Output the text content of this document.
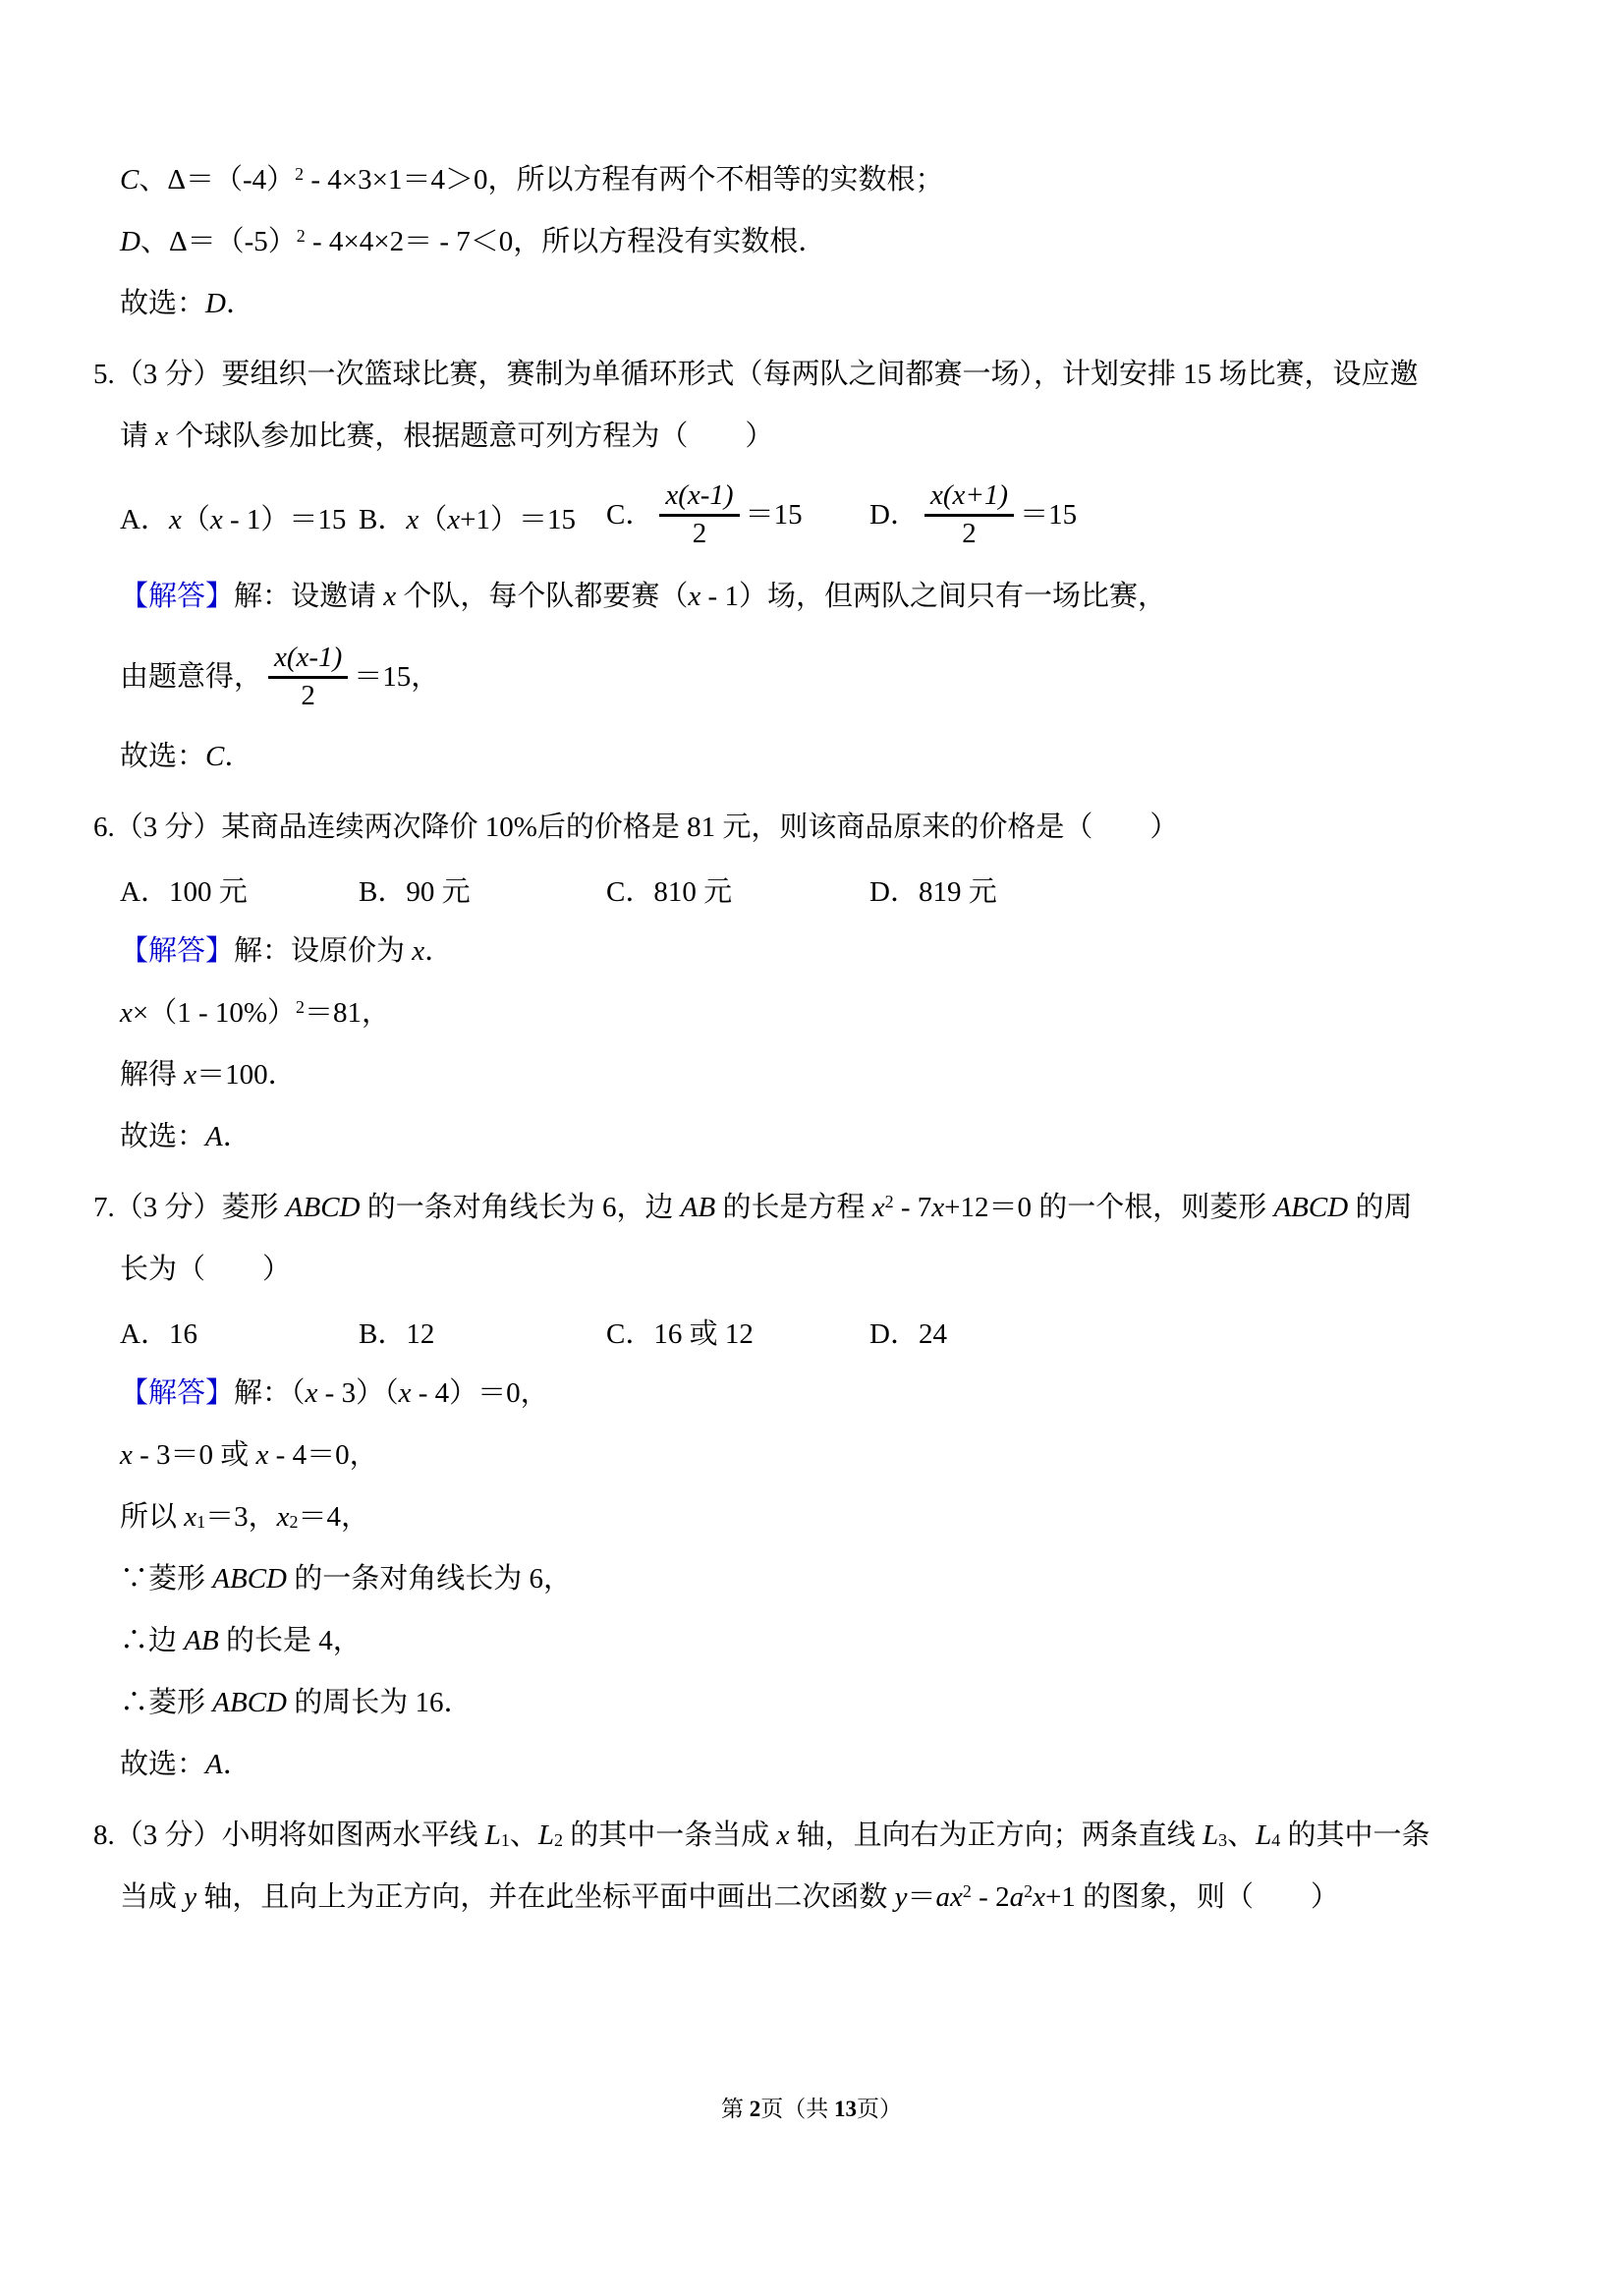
C、$\Delta=(-4)^2 - 4\times 3\times 1=4>0$，所以方程有两个不相等的实数根；
D、$\Delta=(-5)^2 - 4\times 4\times 2= - 7<0$，所以方程没有实数根．
故选：D．
5.（3 分）要组织一次篮球比赛，赛制为单循环形式（每两队之间都赛一场），计划安排 15 场比赛，设应邀
请 x 个球队参加比赛，根据题意可列方程为（　　）
A．x（x - 1）＝15 B．x（x+1）＝15	C． $\frac{x(x-1)}{2} =15$	D． $\frac{x(x+1)}{2} =15$
【解答】解：设邀请 x 个队，每个队都要赛（x - 1）场，但两队之间只有一场比赛，
由题意得， $\frac{x(x-1)}{2} =15$，
故选：C．
6.（3 分）某商品连续两次降价 10%后的价格是 81 元，则该商品原来的价格是（　　）
A．100 元	B．90 元	C．810 元	D．819 元
【解答】解：设原价为 x．
x×（1 - 10%）$^2$＝81，
解得 x＝100．
故选：A．
7.（3 分）菱形 ABCD 的一条对角线长为 6，边 AB 的长是方程 $x^2 - 7x+12=0$ 的一个根，则菱形 ABCD 的周
长为（　　）
A．16	B．12	C．16 或 12	D．24
【解答】解：（x - 3）（x - 4）＝0，
x - 3＝0 或 x - 4＝0，
所以 x1＝3，x2＝4，
∵菱形 ABCD 的一条对角线长为 6，
∴边 AB 的长是 4，
∴菱形 ABCD 的周长为 16．
故选：A．
8.（3 分）小明将如图两水平线 L1、L2 的其中一条当成 x 轴，且向右为正方向；两条直线 L3、L4 的其中一条
当成 y 轴，且向上为正方向，并在此坐标平面中画出二次函数 $y=ax^2 - 2a^2x+1$ 的图象，则（　　）
第 2页（共 13页）
